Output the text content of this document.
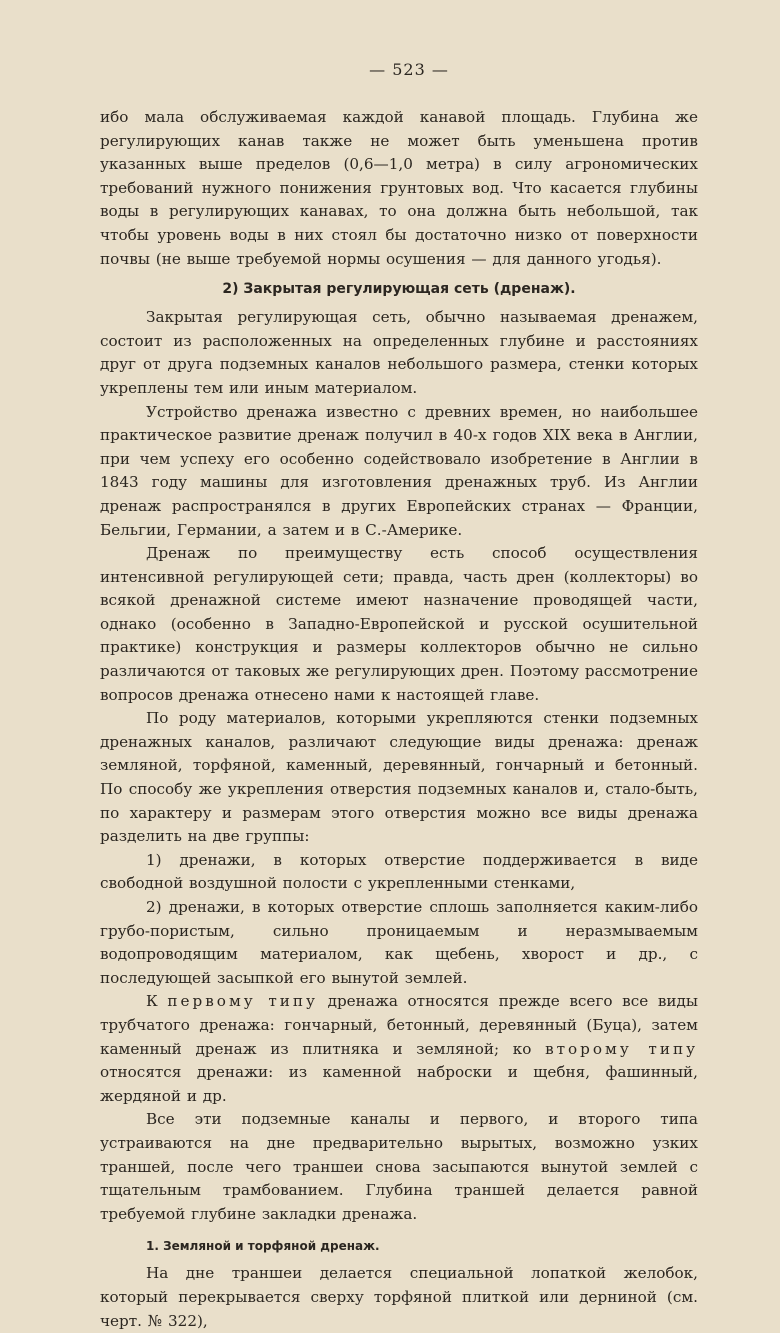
— 523 —

ибо мала обслуживаемая каждой канавой площадь. Глубина же регулирующих канав также не может быть уменьшена против указанных выше пределов (0,6—1,0 метра) в силу агрономических требований нужного понижения грунтовых вод. Что касается глубины воды в регулирующих канавах, то она должна быть небольшой, так чтобы уровень воды в них стоял бы достаточно низко от поверхности почвы (не выше требуемой нормы осушения — для данного угодья).

2) Закрытая регулирующая сеть (дренаж).

Закрытая регулирующая сеть, обычно называемая дренажем, состоит из расположенных на определенных глубине и расстояниях друг от друга подземных каналов небольшого размера, стенки которых укреплены тем или иным материалом.

Устройство дренажа известно с древних времен, но наибольшее практическое развитие дренаж получил в 40-х годов XIX века в Англии, при чем успеху его особенно содействовало изобретение в Англии в 1843 году машины для изготовления дренажных труб. Из Англии дренаж распространялся в других Европейских странах — Франции, Бельгии, Германии, а затем и в С.-Америке.

Дренаж по преимуществу есть способ осуществления интенсивной регулирующей сети; правда, часть дрен (коллекторы) во всякой дренажной системе имеют назначение проводящей части, однако (особенно в Западно-Европейской и русской осушительной практике) конструкция и размеры коллекторов обычно не сильно различаются от таковых же регулирующих дрен. Поэтому рассмотрение вопросов дренажа отнесено нами к настоящей главе.

По роду материалов, которыми укрепляются стенки подземных дренажных каналов, различают следующие виды дренажа: дренаж земляной, торфяной, каменный, деревянный, гончарный и бетонный. По способу же укрепления отверстия подземных каналов и, стало-быть, по характеру и размерам этого отверстия можно все виды дренажа разделить на две группы:

1) дренажи, в которых отверстие поддерживается в виде свободной воздушной полости с укрепленными стенками,

2) дренажи, в которых отверстие сплошь заполняется каким-либо грубо-пористым, сильно проницаемым и неразмываемым водопроводящим материалом, как щебень, хворост и др., с последующей засыпкой его вынутой землей.

К первому типу дренажа относятся прежде всего все виды трубчатого дренажа: гончарный, бетонный, деревянный (Буца), затем каменный дренаж из плитняка и земляной; ко второму типу относятся дренажи: из каменной наброски и щебня, фашинный, жердяной и др.

Все эти подземные каналы и первого, и второго типа устраиваются на дне предварительно вырытых, возможно узких траншей, после чего траншеи снова засыпаются вынутой землей с тщательным трамбованием. Глубина траншей делается равной требуемой глубине закладки дренажа.

1. Земляной и торфяной дренаж.

На дне траншеи делается специальной лопаткой желобок, который перекрывается сверху торфяной плиткой или дерниной (см. черт. № 322),
